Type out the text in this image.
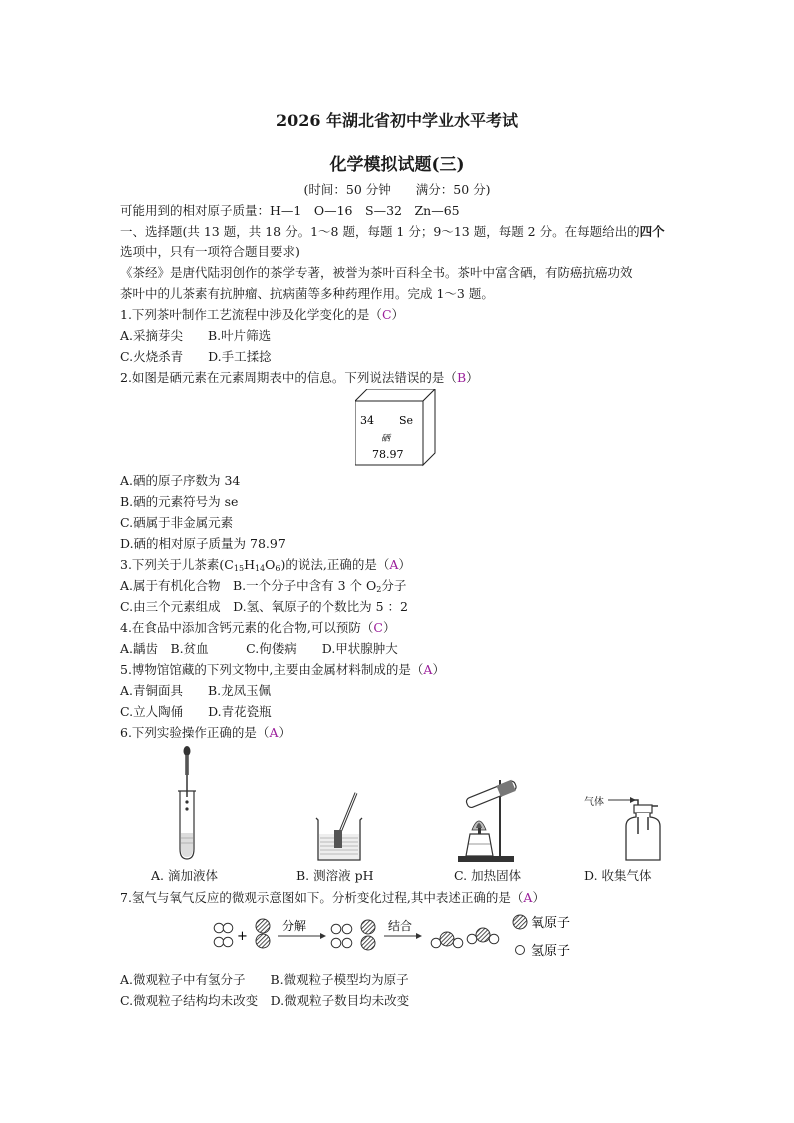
2026 年湖北省初中学业水平考试
化学模拟试题(三)
(时间：50 分钟　　满分：50 分)
可能用到的相对原子质量：H—1　O—16　S—32　Zn—65
一、选择题(共 13 题，共 18 分。1～8 题，每题 1 分；9～13 题，每题 2 分。在每题给出的四个
选项中，只有一项符合题目要求)
《茶经》是唐代陆羽创作的茶学专著，被誉为茶叶百科全书。茶叶中富含硒，有防癌抗癌功效
茶叶中的儿茶素有抗肿瘤、抗病菌等多种药理作用。完成 1～3 题。
1.下列茶叶制作工艺流程中涉及化学变化的是（C）
A.采摘芽尖　　B.叶片筛选
C.火烧杀青　　D.手工揉捻
2.如图是硒元素在元素周期表中的信息。下列说法错误的是（B）
34 Se
硒
78.97
A.硒的原子序数为 34
B.硒的元素符号为 se
C.硒属于非金属元素
D.硒的相对原子质量为 78.97
3.下列关于儿茶素$(C_{15}H_{14}O_6)$的说法,正确的是（A）
A.属于有机化合物　B.一个分子中含有 3 个 $O_2$分子
C.由三个元素组成　D.氢、氧原子的个数比为 5 ：2
4.在食品中添加含钙元素的化合物,可以预防（C）
A.龋齿　B.贫血　　　C.佝偻病　　D.甲状腺肿大
5.博物馆馆藏的下列文物中,主要由金属材料制成的是（A）
A.青铜面具　　B.龙凤玉佩
C.立人陶俑　　D.青花瓷瓶
6.下列实验操作正确的是（A）
A. 滴加液体	B. 测溶液 pH	C. 加热固体
气体
D. 收集气体
7.氢气与氧气反应的微观示意图如下。分析变化过程,其中表述正确的是（A）
+
分解	结合	氧原子
氢原子
A.微观粒子中有氢分子　　B.微观粒子模型均为原子
C.微观粒子结构均未改变　D.微观粒子数目均未改变
